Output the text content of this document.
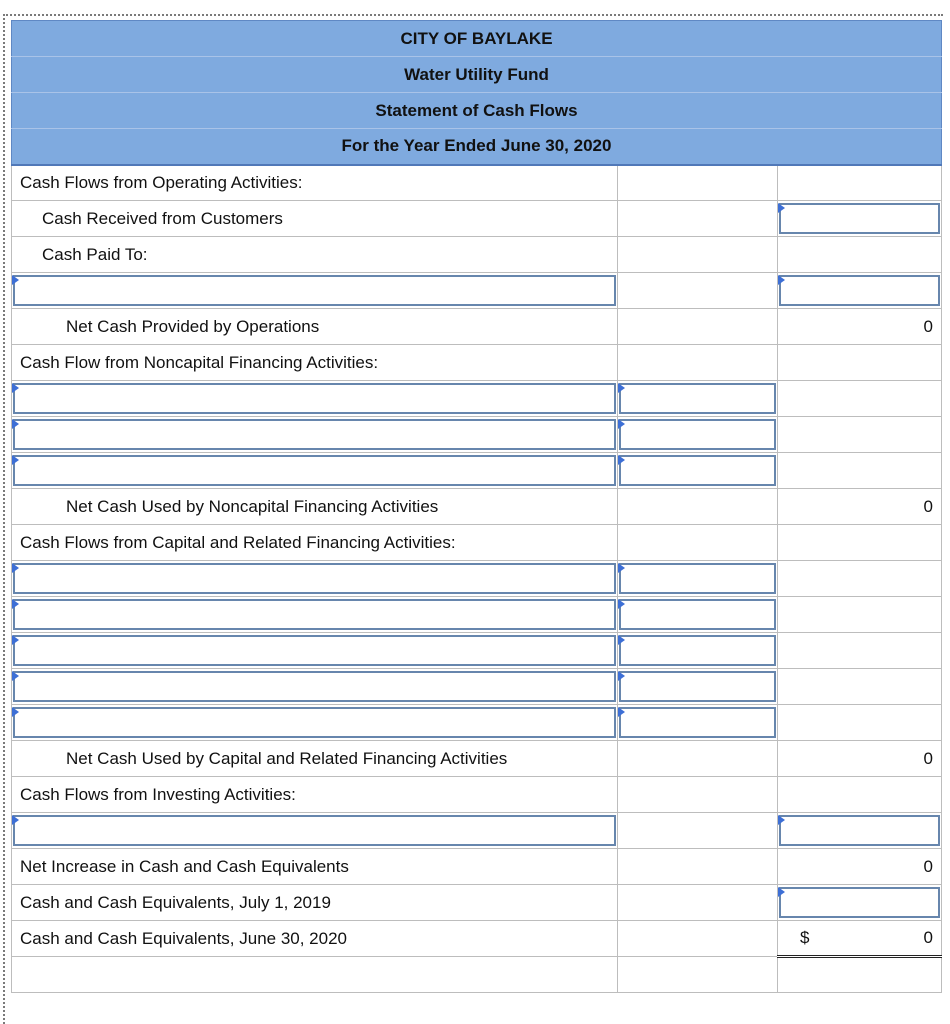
CITY OF BAYLAKE		
Water Utility Fund		
Statement of Cash Flows		
For the Year Ended June 30, 2020		
Cash Flows from Operating Activities:		
Cash Received from Customers		

Cash Paid To:		

Net Cash Provided by Operations		0
Cash Flow from Noncapital Financing Activities:		

Net Cash Used by Noncapital Financing Activities		0
Cash Flows from Capital and Related Financing Activities:		

Net Cash Used by Capital and Related Financing Activities		0
Cash Flows from Investing Activities:		

Net Increase in Cash and Cash Equivalents		0
Cash and Cash Equivalents, July 1, 2019		

Cash and Cash Equivalents, June 30, 2020		$ 0
